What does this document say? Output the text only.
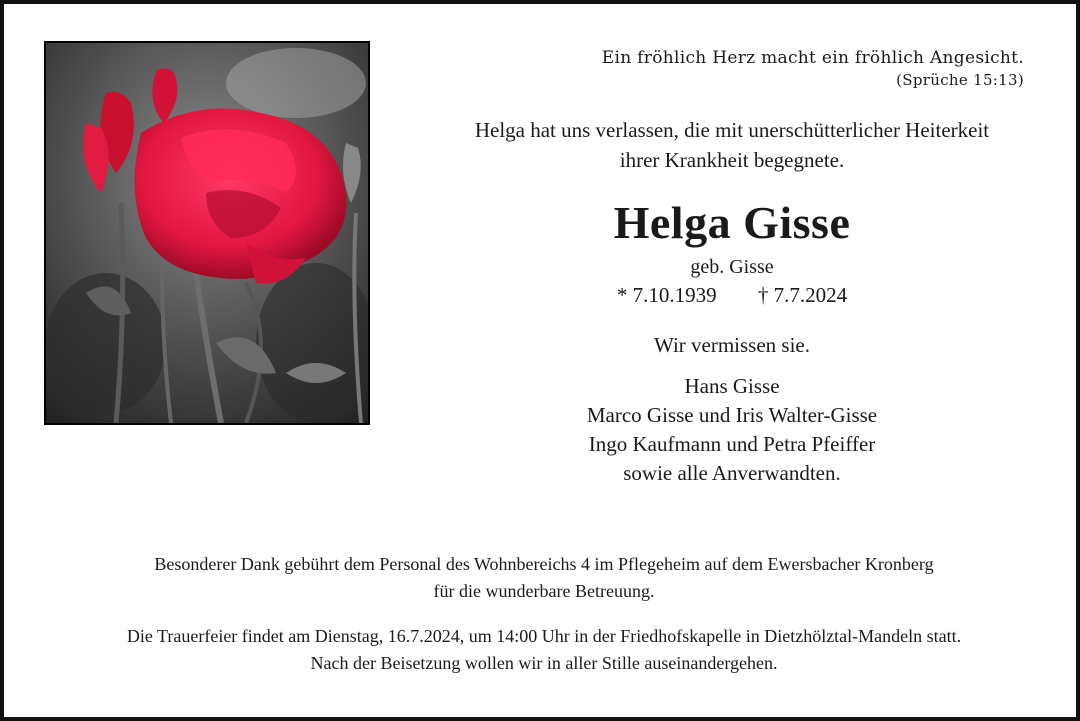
Ein fröhlich Herz macht ein fröhlich Angesicht.
(Sprüche 15:13)
Helga hat uns verlassen, die mit unerschütterlicher Heiterkeit
ihrer Krankheit begegnete.
Helga Gisse
geb. Gisse
* 7.10.1939 † 7.7.2024
Wir vermissen sie.
Hans Gisse
Marco Gisse und Iris Walter-Gisse
Ingo Kaufmann und Petra Pfeiffer
sowie alle Anverwandten.
Besonderer Dank gebührt dem Personal des Wohnbereichs 4 im Pflegeheim auf dem Ewersbacher Kronberg
für die wunderbare Betreuung.
Die Trauerfeier findet am Dienstag, 16.7.2024, um 14:00 Uhr in der Friedhofskapelle in Dietzhölztal-Mandeln statt.
Nach der Beisetzung wollen wir in aller Stille auseinandergehen.
